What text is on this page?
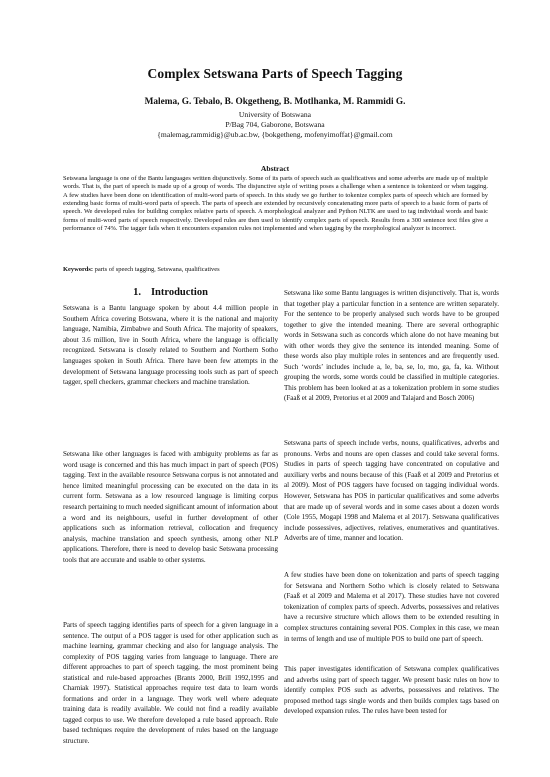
Complex Setswana Parts of Speech Tagging
Malema, G. Tebalo, B. Okgetheng, B. Motlhanka, M. Rammidi G.
University of Botswana
P/Bag 704, Gaborone, Botswana
{malemag,rammidig}@ub.ac.bw, {bokgetheng, mofenyimoffat}@gmail.com
Abstract

Setswana language is one of the Bantu languages written disjunctively. Some of its parts of speech such as qualificatives and some adverbs are made up of multiple words. That is, the part of speech is made up of a group of words. The disjunctive style of writing poses a challenge when a sentence is tokenized or when tagging. A few studies have been done on identification of multi-word parts of speech. In this study we go further to tokenize complex parts of speech which are formed by extending basic forms of multi-word parts of speech. The parts of speech are extended by recursively concatenating more parts of speech to a basic form of parts of speech. We developed rules for building complex relative parts of speech. A morphological analyzer and Python NLTK are used to tag individual words and basic forms of multi-word parts of speech respectively. Developed rules are then used to identify complex parts of speech. Results from a 300 sentence text files give a performance of 74%. The tagger fails when it encounters expansion rules not implemented and when tagging by the morphological analyzer is incorrect.

Keywords: parts of speech tagging, Setswana, qualificatives

1. Introduction

Setswana is a Bantu language spoken by about 4.4 million people in Southern Africa covering Botswana, where it is the national and majority language, Namibia, Zimbabwe and South Africa. The majority of speakers, about 3.6 million, live in South Africa, where the language is officially recognized. Setswana is closely related to Southern and Northern Sotho languages spoken in South Africa. There have been few attempts in the development of Setswana language processing tools such as part of speech tagger, spell checkers, grammar checkers and machine translation.

Setswana like other languages is faced with ambiguity problems as far as word usage is concerned and this has much impact in part of speech (POS) tagging. Text in the available resource Setswana corpus is not annotated and hence limited meaningful processing can be executed on the data in its current form. Setswana as a low resourced language is limiting corpus research pertaining to much needed significant amount of information about a word and its neighbours, useful in further development of other applications such as information retrieval, collocation and frequency analysis, machine translation and speech synthesis, among other NLP applications. Therefore, there is need to develop basic Setswana processing tools that are accurate and usable to other systems.

Parts of speech tagging identifies parts of speech for a given language in a sentence. The output of a POS tagger is used for other application such as machine learning, grammar checking and also for language analysis. The complexity of POS tagging varies from language to language. There are different approaches to part of speech tagging, the most prominent being statistical and rule-based approaches (Brants 2000, Brill 1992,1995 and Charniak 1997). Statistical approaches require test data to learn words formations and order in a language. They work well where adequate training data is readily available. We could not find a readily available tagged corpus to use. We therefore developed a rule based approach. Rule based techniques require the development of rules based on the language structure.

Setswana like some Bantu languages is written disjunctively. That is, words that together play a particular function in a sentence are written separately. For the sentence to be properly analysed such words have to be grouped together to give the intended meaning. There are several orthographic words in Setswana such as concords which alone do not have meaning but with other words they give the sentence its intended meaning. Some of these words also play multiple roles in sentences and are frequently used. Such ‘words’ includes include a, le, ba, se, lo, mo, ga, fa, ka. Without grouping the words, some words could be classified in multiple categories. This problem has been looked at as a tokenization problem in some studies (Faaß et al 2009, Pretorius et al 2009 and Talajard and Bosch 2006)

Setswana parts of speech include verbs, nouns, qualificatives, adverbs and pronouns. Verbs and nouns are open classes and could take several forms. Studies in parts of speech tagging have concentrated on copulative and auxiliary verbs and nouns because of this (Faaß et al 2009 and Pretorius et al 2009). Most of POS taggers have focused on tagging individual words. However, Setswana has POS in particular qualificatives and some adverbs that are made up of several words and in some cases about a dozen words (Cole 1955, Mogapi 1998 and Malema et al 2017). Setswana qualificatives include possessives, adjectives, relatives, enumeratives and quantitatives. Adverbs are of time, manner and location.

A few studies have been done on tokenization and parts of speech tagging for Setswana and Northern Sotho which is closely related to Setswana (Faaß et al 2009 and Malema et al 2017). These studies have not covered tokenization of complex parts of speech. Adverbs, possessives and relatives have a recursive structure which allows them to be extended resulting in complex structures containing several POS. Complex in this case, we mean in terms of length and use of multiple POS to build one part of speech.

This paper investigates identification of Setswana complex qualificatives and adverbs using part of speech tagger. We present basic rules on how to identify complex POS such as adverbs, possessives and relatives. The proposed method tags single words and then builds complex tags based on developed expansion rules. The rules have been tested for
